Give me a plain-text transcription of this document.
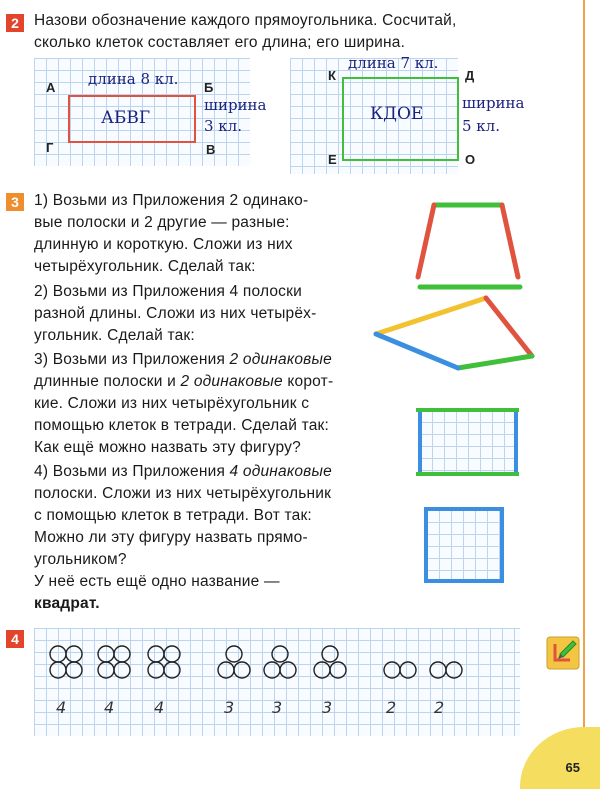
2 Назови обозначение каждого прямоугольника. Сосчитай,
сколько клеток составляет его длина; его ширина.
А	Б
Г	В
длина 8 кл.
АБВГ
ширина
3 кл.
К	Д
Е	О
длина 7 кл.
КДОЕ
ширина
5 кл.
3 1) Возьми из Приложения 2 одинако-
вые полоски и 2 другие — разные:
длинную и короткую. Сложи из них
четырёхугольник. Сделай так:
2) Возьми из Приложения 4 полоски
разной длины. Сложи из них четырёх-
угольник. Сделай так:
3) Возьми из Приложения 2 одинаковые
длинные полоски и 2 одинаковые корот-
кие. Сложи из них четырёхугольник с
помощью клеток в тетради. Сделай так:
Как ещё можно назвать эту фигуру?
4) Возьми из Приложения 4 одинаковые
полоски. Сложи из них четырёхугольник
с помощью клеток в тетради. Вот так:
Можно ли эту фигуру назвать прямо-
угольником?
У неё есть ещё одно название —
квадрат.
4
4 4 4	3 3 3	2 2
65
